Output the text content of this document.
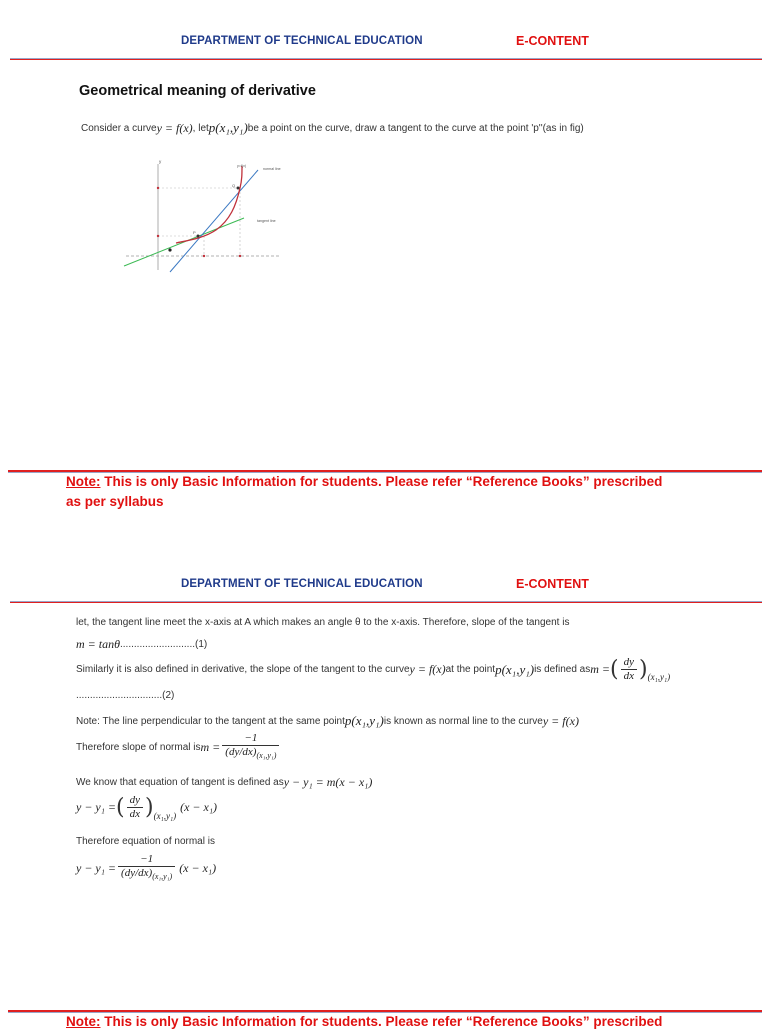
DEPARTMENT OF TECHNICAL EDUCATION	E-CONTENT
Geometrical meaning of derivative
Consider a curve y = f(x) , let p(x₁,y₁) be a point on the curve, draw a tangent to the curve at the point 'p''(as in fig)
y
y=f(x)
normal line
tangent line
Q
P
Note: This is only Basic Information for students. Please refer “Reference Books” prescribed
as per syllabus
DEPARTMENT OF TECHNICAL EDUCATION	E-CONTENT
let, the tangent line meet the x-axis at A which makes an angle θ to the x-axis. Therefore, slope of the tangent is
m = tanθ ...........................(1)
Similarly it is also defined in derivative, the slope of the tangent to the curve y = f(x) at the point p(x₁,y₁) is defined as m = ( $\frac{dy}{dx}$ ) (x₁,y₁)
...............................(2)
Note: The line perpendicular to the tangent at the same point p(x₁,y₁) is known as normal line to the curve y = f(x)
Therefore slope of normal is $m = \frac{-1}{(dy/dx)_{(x_1,y_1)}}$
We know that equation of tangent is defined as y − y₁ = m(x − x₁)
y − y₁ = ( $\frac{dy}{dx}$ ) (x₁,y₁)
(x − x₁)
Therefore equation of normal is
$y - y_1 = \frac{-1}{(dy/dx)_{(x_1,y_1)}} (x - x_1)$
Note: This is only Basic Information for students. Please refer “Reference Books” prescribed
